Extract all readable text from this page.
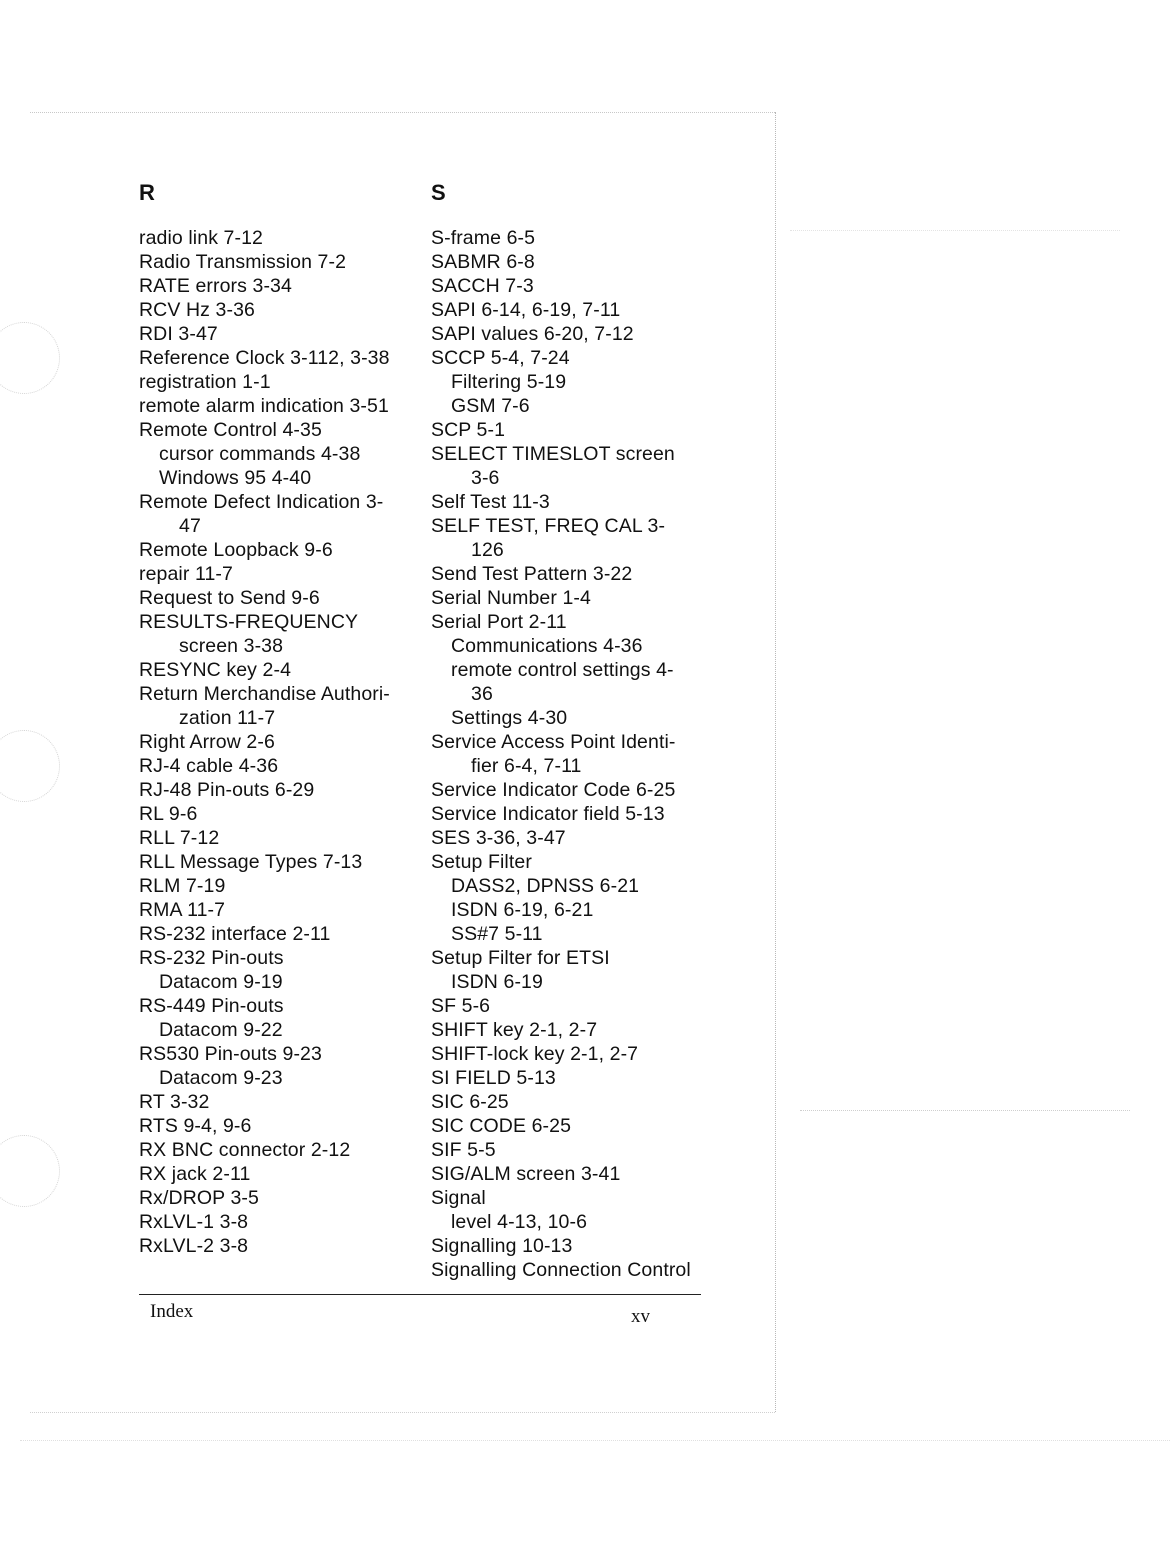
R
radio link 7-12
Radio Transmission 7-2
RATE errors 3-34
RCV Hz 3-36
RDI 3-47
Reference Clock 3-112, 3-38
registration 1-1
remote alarm indication 3-51
Remote Control 4-35
cursor commands 4-38
Windows 95 4-40
Remote Defect Indication 3-
47
Remote Loopback 9-6
repair 11-7
Request to Send 9-6
RESULTS-FREQUENCY
screen 3-38
RESYNC key 2-4
Return Merchandise Authori-
zation 11-7
Right Arrow 2-6
RJ-4 cable 4-36
RJ-48 Pin-outs 6-29
RL 9-6
RLL 7-12
RLL Message Types 7-13
RLM 7-19
RMA 11-7
RS-232 interface 2-11
RS-232 Pin-outs
Datacom 9-19
RS-449 Pin-outs
Datacom 9-22
RS530 Pin-outs 9-23
Datacom 9-23
RT 3-32
RTS 9-4, 9-6
RX BNC connector 2-12
RX jack 2-11
Rx/DROP 3-5
RxLVL-1 3-8
RxLVL-2 3-8
S
S-frame 6-5
SABMR 6-8
SACCH 7-3
SAPI 6-14, 6-19, 7-11
SAPI values 6-20, 7-12
SCCP 5-4, 7-24
Filtering 5-19
GSM 7-6
SCP 5-1
SELECT TIMESLOT screen
3-6
Self Test 11-3
SELF TEST, FREQ CAL 3-
126
Send Test Pattern 3-22
Serial Number 1-4
Serial Port 2-11
Communications 4-36
remote control settings 4-
36
Settings 4-30
Service Access Point Identi-
fier 6-4, 7-11
Service Indicator Code 6-25
Service Indicator field 5-13
SES 3-36, 3-47
Setup Filter
DASS2, DPNSS 6-21
ISDN 6-19, 6-21
SS#7 5-11
Setup Filter for ETSI
ISDN 6-19
SF 5-6
SHIFT key 2-1, 2-7
SHIFT-lock key 2-1, 2-7
SI FIELD 5-13
SIC 6-25
SIC CODE 6-25
SIF 5-5
SIG/ALM screen 3-41
Signal
level 4-13, 10-6
Signalling 10-13
Signalling Connection Control
Index	xv
